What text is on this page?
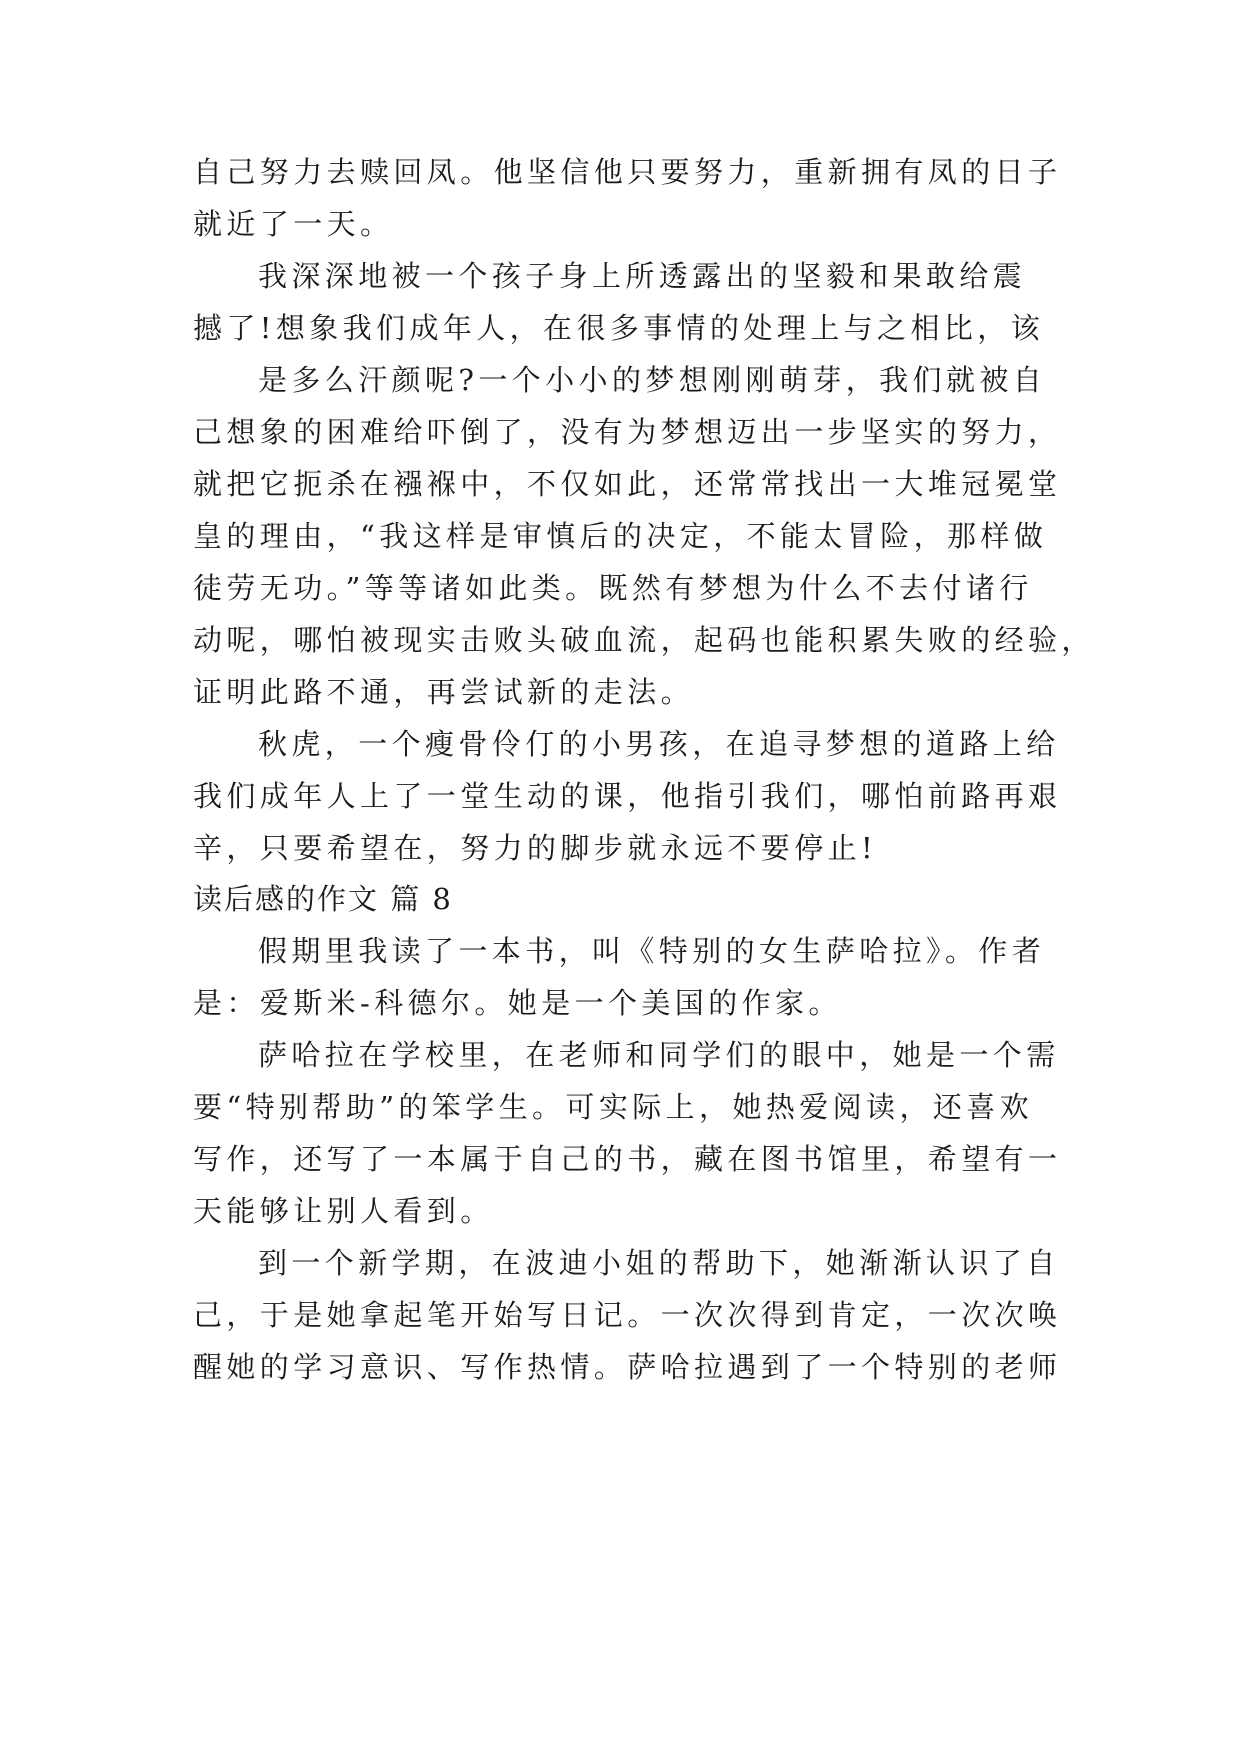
自己努力去赎回凤。他坚信他只要努力，重新拥有凤的日子
就近了一天。
我深深地被一个孩子身上所透露出的坚毅和果敢给震
撼了!想象我们成年人，在很多事情的处理上与之相比，该
是多么汗颜呢?一个小小的梦想刚刚萌芽，我们就被自
己想象的困难给吓倒了，没有为梦想迈出一步坚实的努力，
就把它扼杀在襁褓中，不仅如此，还常常找出一大堆冠冕堂
皇的理由，“我这样是审慎后的决定，不能太冒险，那样做
徒劳无功。”等等诸如此类。既然有梦想为什么不去付诸行
动呢，哪怕被现实击败头破血流，起码也能积累失败的经验，
证明此路不通，再尝试新的走法。
秋虎，一个瘦骨伶仃的小男孩，在追寻梦想的道路上给
我们成年人上了一堂生动的课，他指引我们，哪怕前路再艰
辛，只要希望在，努力的脚步就永远不要停止!
读后感的作文 篇 8
假期里我读了一本书，叫《特别的女生萨哈拉》。作者
是：爱斯米-科德尔。她是一个美国的作家。
萨哈拉在学校里，在老师和同学们的眼中，她是一个需
要“特别帮助”的笨学生。可实际上，她热爱阅读，还喜欢
写作，还写了一本属于自己的书，藏在图书馆里，希望有一
天能够让别人看到。
到一个新学期，在波迪小姐的帮助下，她渐渐认识了自
己，于是她拿起笔开始写日记。一次次得到肯定，一次次唤
醒她的学习意识、写作热情。萨哈拉遇到了一个特别的老师
